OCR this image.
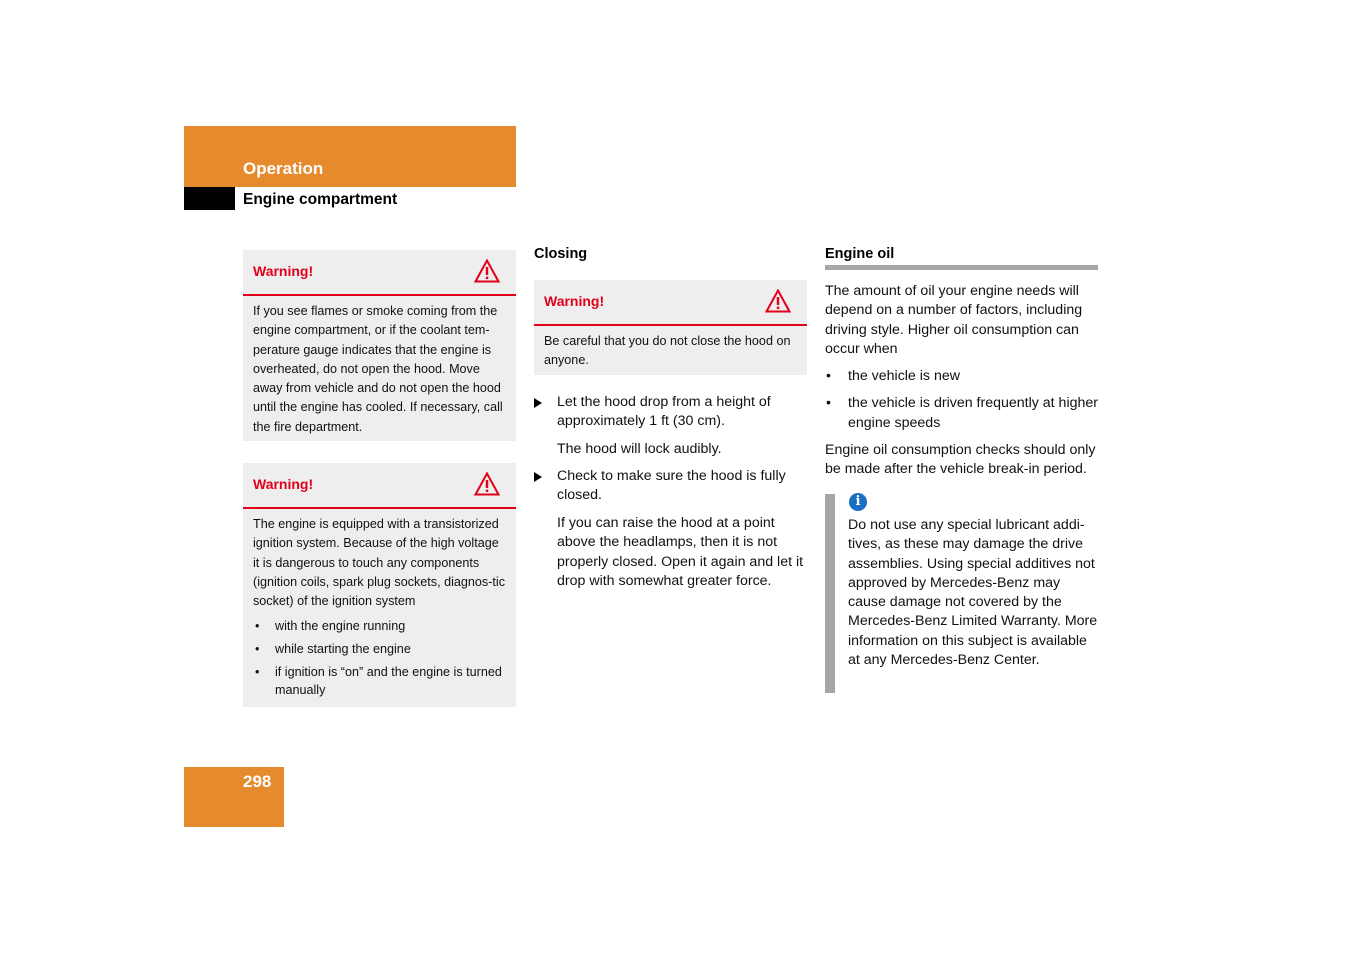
Operation
Engine compartment
Warning!
If you see flames or smoke coming from the engine compartment, or if the coolant tem-perature gauge indicates that the engine is overheated, do not open the hood. Move away from vehicle and do not open the hood until the engine has cooled. If necessary, call the fire department.
Warning!
The engine is equipped with a transistorized ignition system. Because of the high voltage it is dangerous to touch any components (ignition coils, spark plug sockets, diagnos-tic socket) of the ignition system
• with the engine running
• while starting the engine
• if ignition is “on” and the engine is turned manually
Closing
Warning!
Be careful that you do not close the hood on anyone.
Let the hood drop from a height of approximately 1 ft (30 cm).
The hood will lock audibly.
Check to make sure the hood is fully closed.
If you can raise the hood at a point above the headlamps, then it is not properly closed. Open it again and let it drop with somewhat greater force.
Engine oil
The amount of oil your engine needs will depend on a number of factors, including driving style. Higher oil consumption can occur when
• the vehicle is new
• the vehicle is driven frequently at higher engine speeds
Engine oil consumption checks should only be made after the vehicle break-in period.
i
Do not use any special lubricant addi-tives, as these may damage the drive assemblies. Using special additives not approved by Mercedes-Benz may cause damage not covered by the Mercedes-Benz Limited Warranty. More information on this subject is available at any Mercedes-Benz Center.
298
